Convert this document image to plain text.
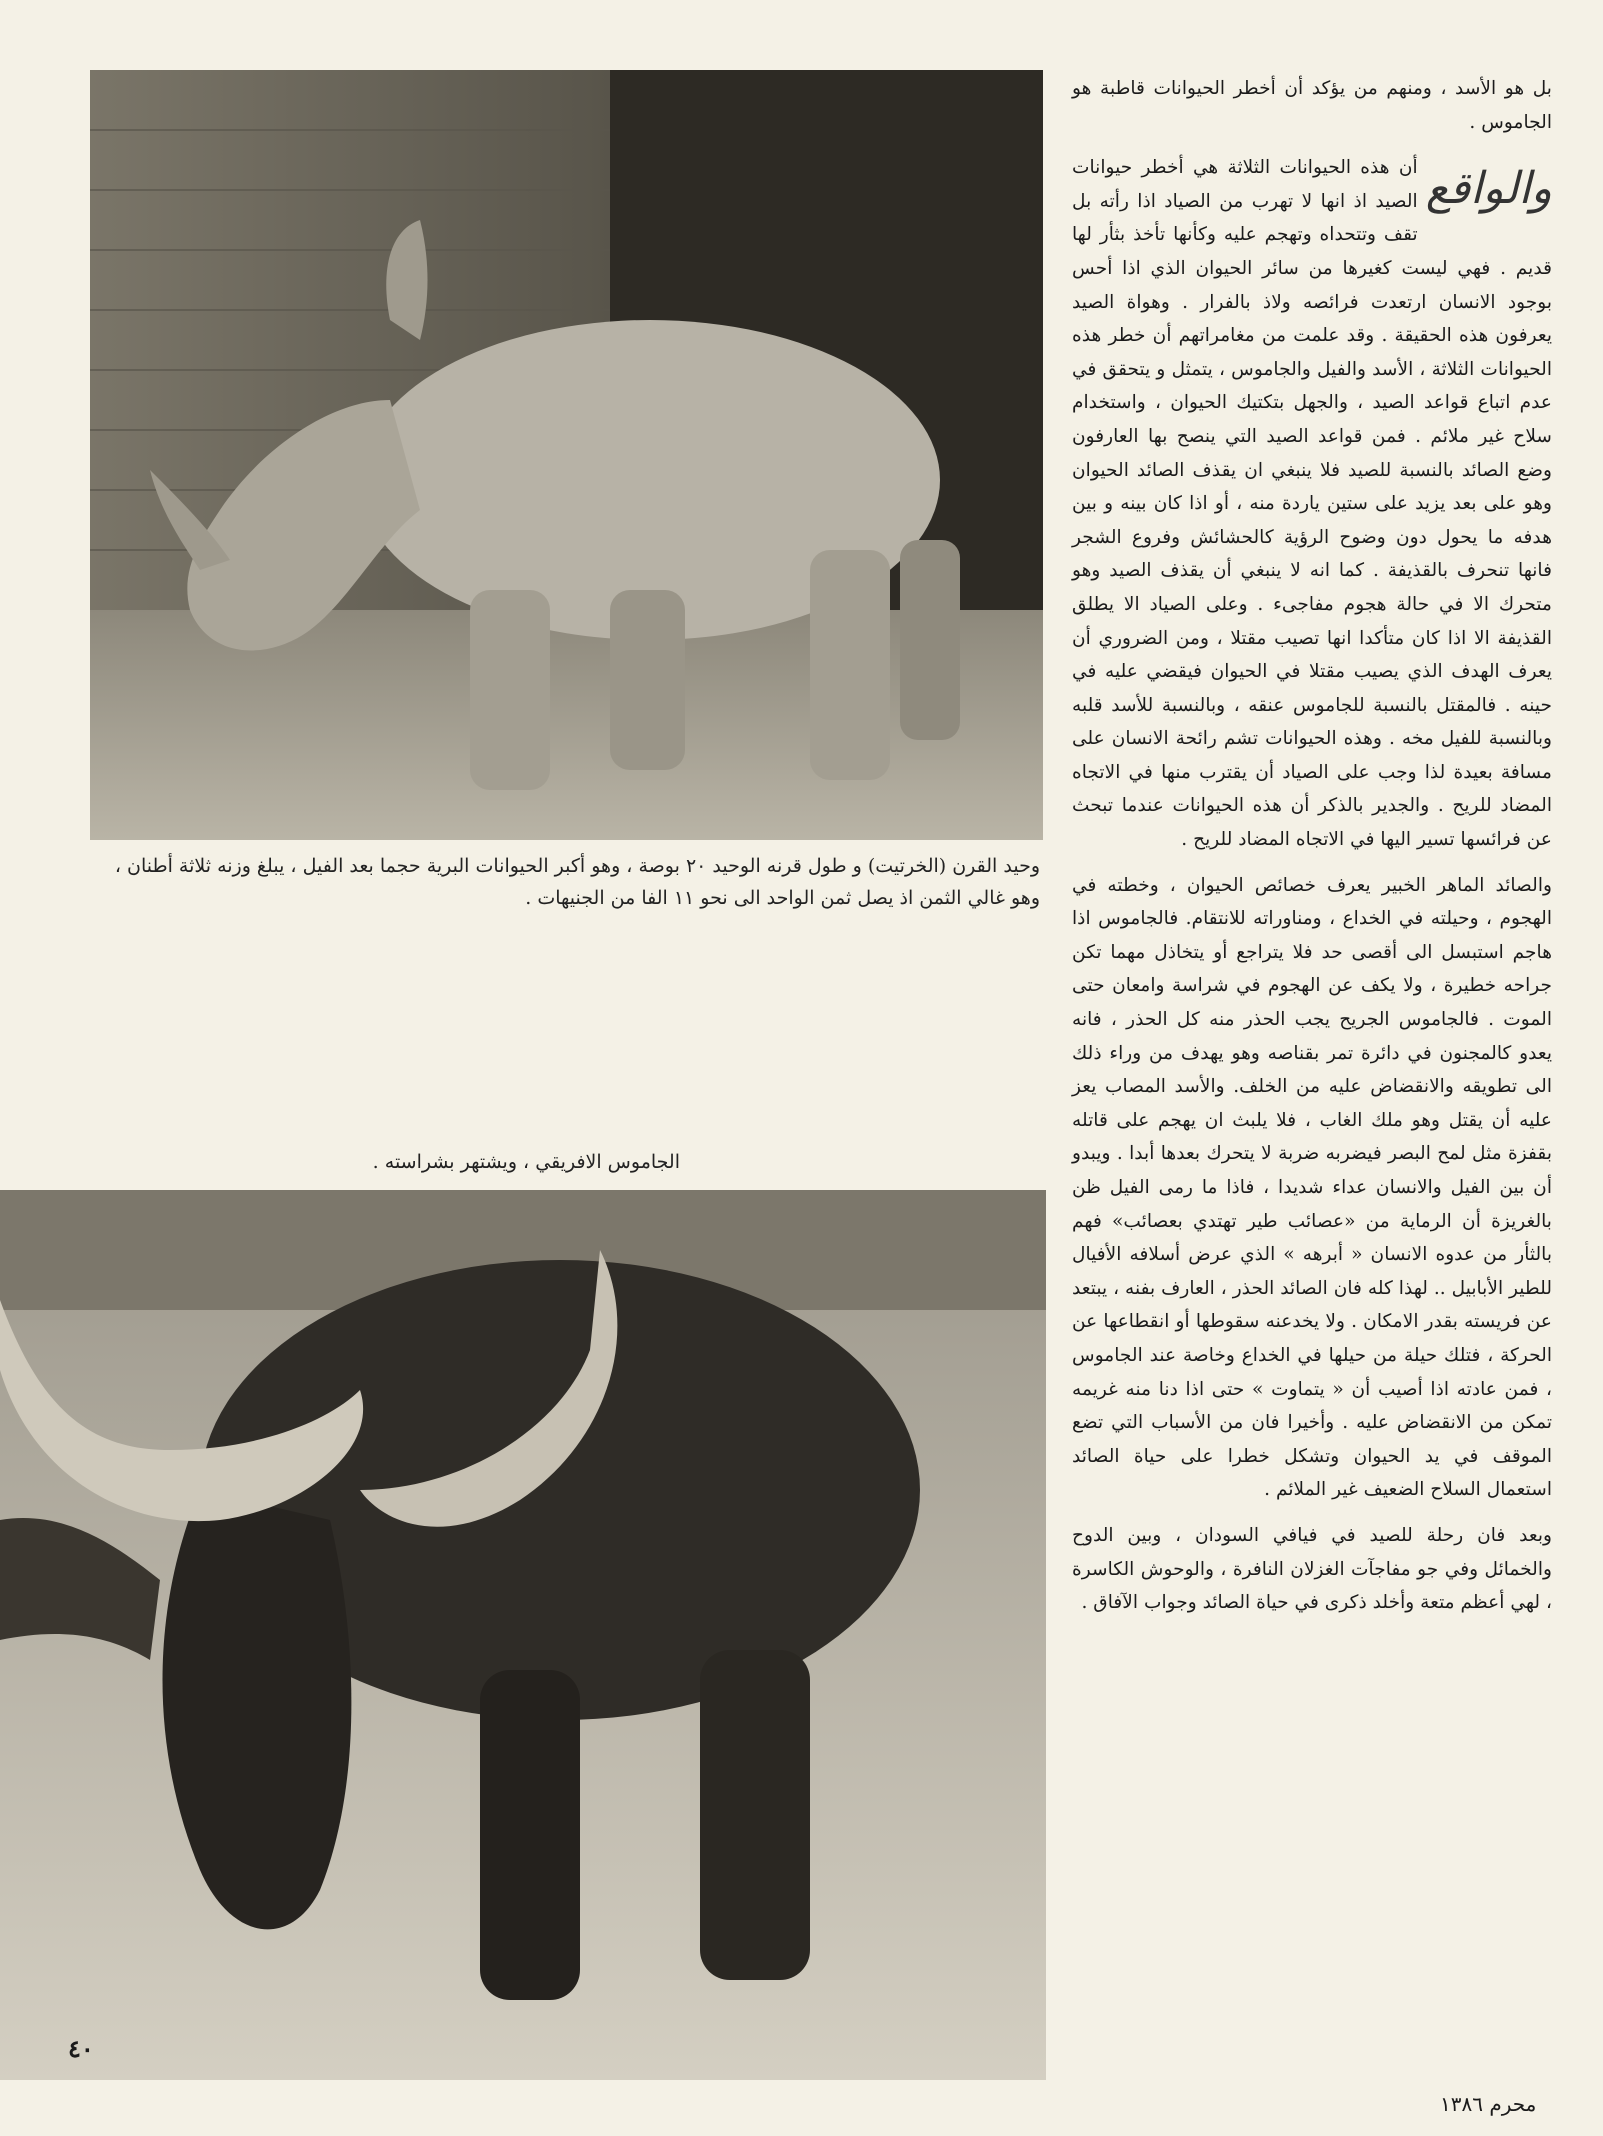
وحيد القرن (الخرتيت) و طول قرنه الوحيد ٢٠ بوصة ، وهو أكبر الحيوانات البرية حجما بعد الفيل ، يبلغ وزنه ثلاثة أطنان ، وهو غالي الثمن اذ يصل ثمن الواحد الى نحو ١١ الفا من الجنيهات .
الجاموس الافريقي ، ويشتهر بشراسته .

بل هو الأسد ، ومنهم من يؤكد أن أخطر الحيوانات قاطبة هو الجاموس .

والواقع
أن هذه الحيوانات الثلاثة هي أخطر حيوانات الصيد اذ انها لا تهرب من الصياد اذا رأته بل تقف وتتحداه وتهجم عليه وكأنها تأخذ بثأر لها قديم . فهي ليست كغيرها من سائر الحيوان الذي اذا أحس بوجود الانسان ارتعدت فرائصه ولاذ بالفرار . وهواة الصيد يعرفون هذه الحقيقة . وقد علمت من مغامراتهم أن خطر هذه الحيوانات الثلاثة ، الأسد والفيل والجاموس ، يتمثل و يتحقق في عدم اتباع قواعد الصيد ، والجهل بتكتيك الحيوان ، واستخدام سلاح غير ملائم . فمن قواعد الصيد التي ينصح بها العارفون وضع الصائد بالنسبة للصيد فلا ينبغي ان يقذف الصائد الحيوان وهو على بعد يزيد على ستين ياردة منه ، أو اذا كان بينه و بين هدفه ما يحول دون وضوح الرؤية كالحشائش وفروع الشجر فانها تنحرف بالقذيفة . كما انه لا ينبغي أن يقذف الصيد وهو متحرك الا في حالة هجوم مفاجىء . وعلى الصياد الا يطلق القذيفة الا اذا كان متأكدا انها تصيب مقتلا ، ومن الضروري أن يعرف الهدف الذي يصيب مقتلا في الحيوان فيقضي عليه في حينه . فالمقتل بالنسبة للجاموس عنقه ، وبالنسبة للأسد قلبه وبالنسبة للفيل مخه . وهذه الحيوانات تشم رائحة الانسان على مسافة بعيدة لذا وجب على الصياد أن يقترب منها في الاتجاه المضاد للريح . والجدير بالذكر أن هذه الحيوانات عندما تبحث عن فرائسها تسير اليها في الاتجاه المضاد للريح .

والصائد الماهر الخبير يعرف خصائص الحيوان ، وخطته في الهجوم ، وحيلته في الخداع ، ومناوراته للانتقام. فالجاموس اذا هاجم استبسل الى أقصى حد فلا يتراجع أو يتخاذل مهما تكن جراحه خطيرة ، ولا يكف عن الهجوم في شراسة وامعان حتى الموت . فالجاموس الجريح يجب الحذر منه كل الحذر ، فانه يعدو كالمجنون في دائرة تمر بقناصه وهو يهدف من وراء ذلك الى تطويقه والانقضاض عليه من الخلف. والأسد المصاب يعز عليه أن يقتل وهو ملك الغاب ، فلا يلبث ان يهجم على قاتله بقفزة مثل لمح البصر فيضربه ضربة لا يتحرك بعدها أبدا . ويبدو أن بين الفيل والانسان عداء شديدا ، فاذا ما رمى الفيل ظن بالغريزة أن الرماية من «عصائب طير تهتدي بعصائب» فهم بالثأر من عدوه الانسان « أبرهه » الذي عرض أسلافه الأفيال للطير الأبابيل .. لهذا كله فان الصائد الحذر ، العارف بفنه ، يبتعد عن فريسته بقدر الامكان . ولا يخدعنه سقوطها أو انقطاعها عن الحركة ، فتلك حيلة من حيلها في الخداع وخاصة عند الجاموس ، فمن عادته اذا أصيب أن « يتماوت » حتى اذا دنا منه غريمه تمكن من الانقضاض عليه . وأخيرا فان من الأسباب التي تضع الموقف في يد الحيوان وتشكل خطرا على حياة الصائد استعمال السلاح الضعيف غير الملائم .

وبعد فان رحلة للصيد في فيافي السودان ، وبين الدوح والخمائل وفي جو مفاجآت الغزلان النافرة ، والوحوش الكاسرة ، لهي أعظم متعة وأخلد ذكرى في حياة الصائد وجواب الآفاق .

٤٠
محرم ١٣٨٦
